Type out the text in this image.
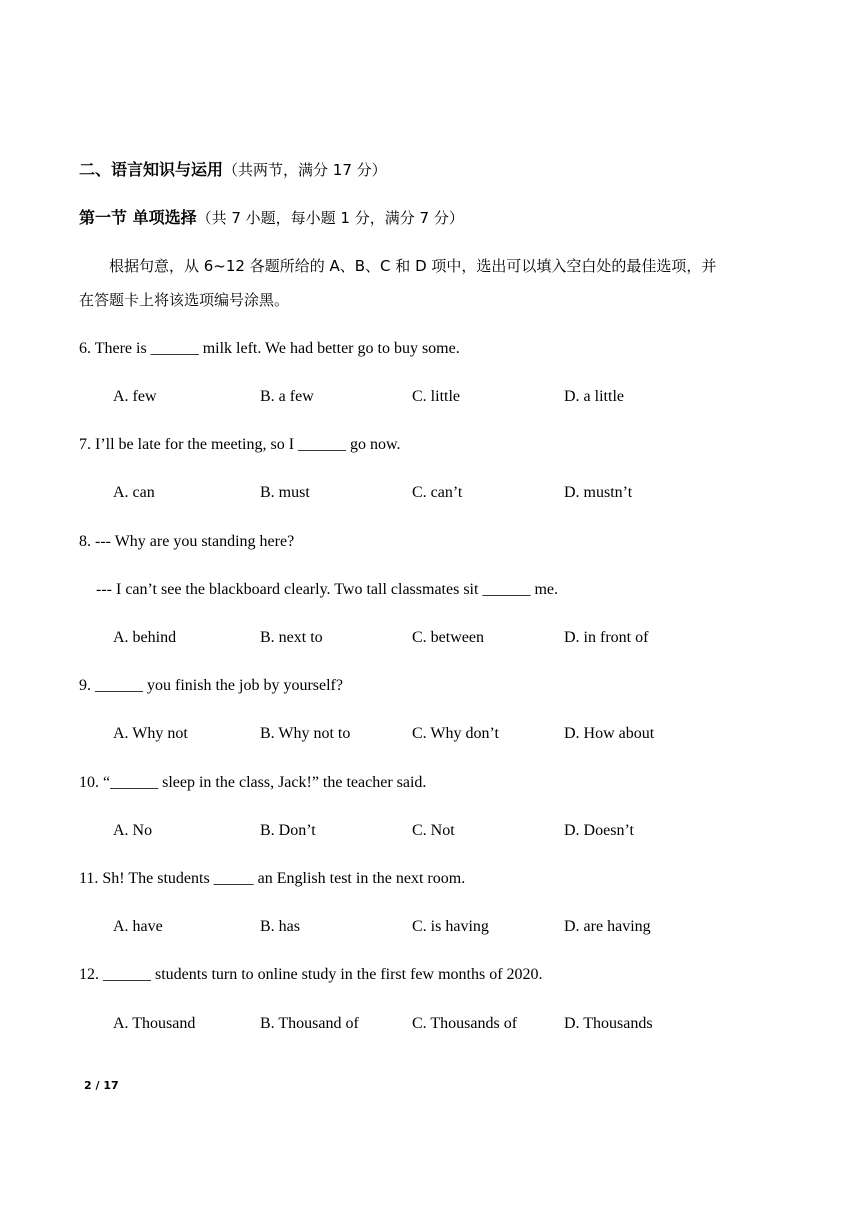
二、语言知识与运用（共两节，满分 17 分）
第一节 单项选择（共 7 小题，每小题 1 分，满分 7 分）
根据句意，从 6~12 各题所给的 A、B、C 和 D 项中，选出可以填入空白处的最佳选项，并
在答题卡上将该选项编号涂黑。
6. There is ______ milk left. We had better go to buy some.
A. few	B. a few	C. little	D. a little
7. I’ll be late for the meeting, so I ______ go now.
A. can	B. must	C. can’t	D. mustn’t
8. --- Why are you standing here?
--- I can’t see the blackboard clearly. Two tall classmates sit ______ me.
A. behind	B. next to	C. between	D. in front of
9. ______ you finish the job by yourself?
A. Why not	B. Why not to	C. Why don’t	D. How about
10. “______ sleep in the class, Jack!” the teacher said.
A. No	B. Don’t	C. Not	D. Doesn’t
11. Sh! The students _____ an English test in the next room.
A. have	B. has	C. is having	D. are having
12. ______ students turn to online study in the first few months of 2020.
A. Thousand	B. Thousand of	C. Thousands of	D. Thousands
2 / 17
